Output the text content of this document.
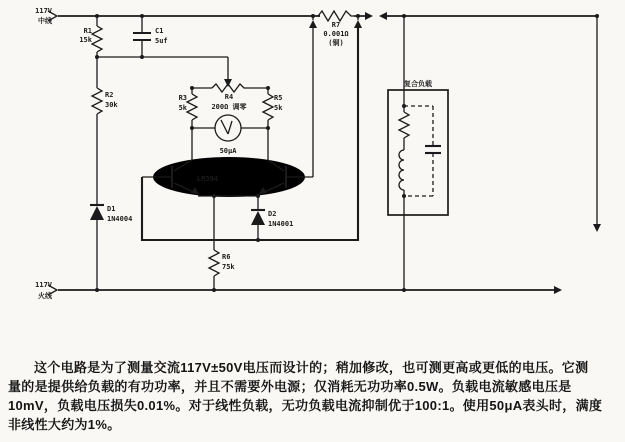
117V
中线
R1
15k
C1
5uf
R2
30k
R3
5k
R4
200Ω 调零
R5
5k
50μA
LM394
R6
75k
D2
1N4001
D1
1N4004
R7
0.001Ω
(铜)
复合负载
117V
火线
这个电路是为了测量交流117V±50V电压而设计的；稍加修改，也可测更高或更低的电压。它测
量的是提供给负载的有功功率，并且不需要外电源；仅消耗无功功率0.5W。负载电流敏感电压是
10mV，负载电压损失0.01%。对于线性负载，无功负载电流抑制优于100:1。使用50μA表头时，满度
非线性大约为1%。
